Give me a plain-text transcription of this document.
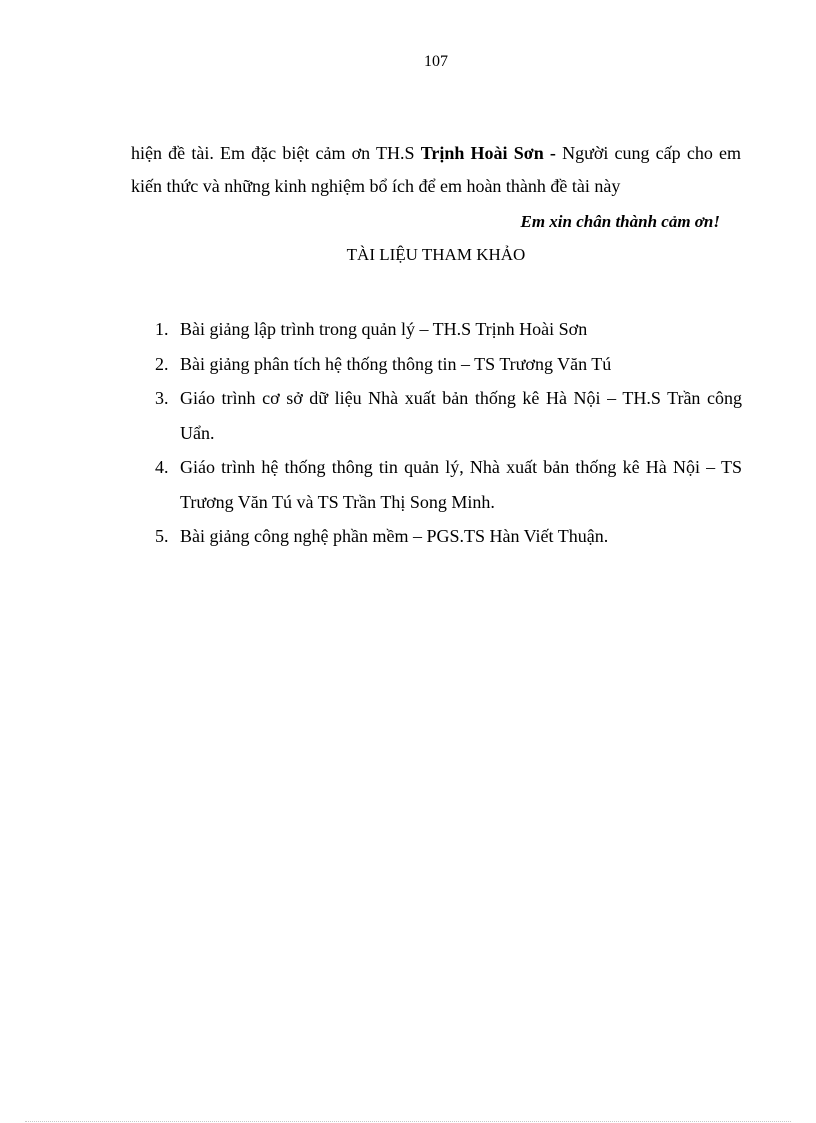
107
hiện đề tài. Em đặc biệt cảm ơn TH.S Trịnh Hoài Sơn - Người cung cấp cho em
kiến thức và những kinh nghiệm bổ ích để em hoàn thành đề tài này
Em xin chân thành cảm ơn!
TÀI LIỆU THAM KHẢO
1. Bài giảng lập trình trong quản lý – TH.S Trịnh Hoài Sơn
2. Bài giảng phân tích hệ thống thông tin – TS Trương Văn Tú
3. Giáo trình cơ sở dữ liệu Nhà xuất bản thống kê Hà Nội – TH.S Trần công Uẩn.
4. Giáo trình hệ thống thông tin quản lý, Nhà xuất bản thống kê Hà Nội – TS Trương Văn Tú và TS Trần Thị Song Minh.
5. Bài giảng công nghệ phần mềm – PGS.TS Hàn Viết Thuận.
